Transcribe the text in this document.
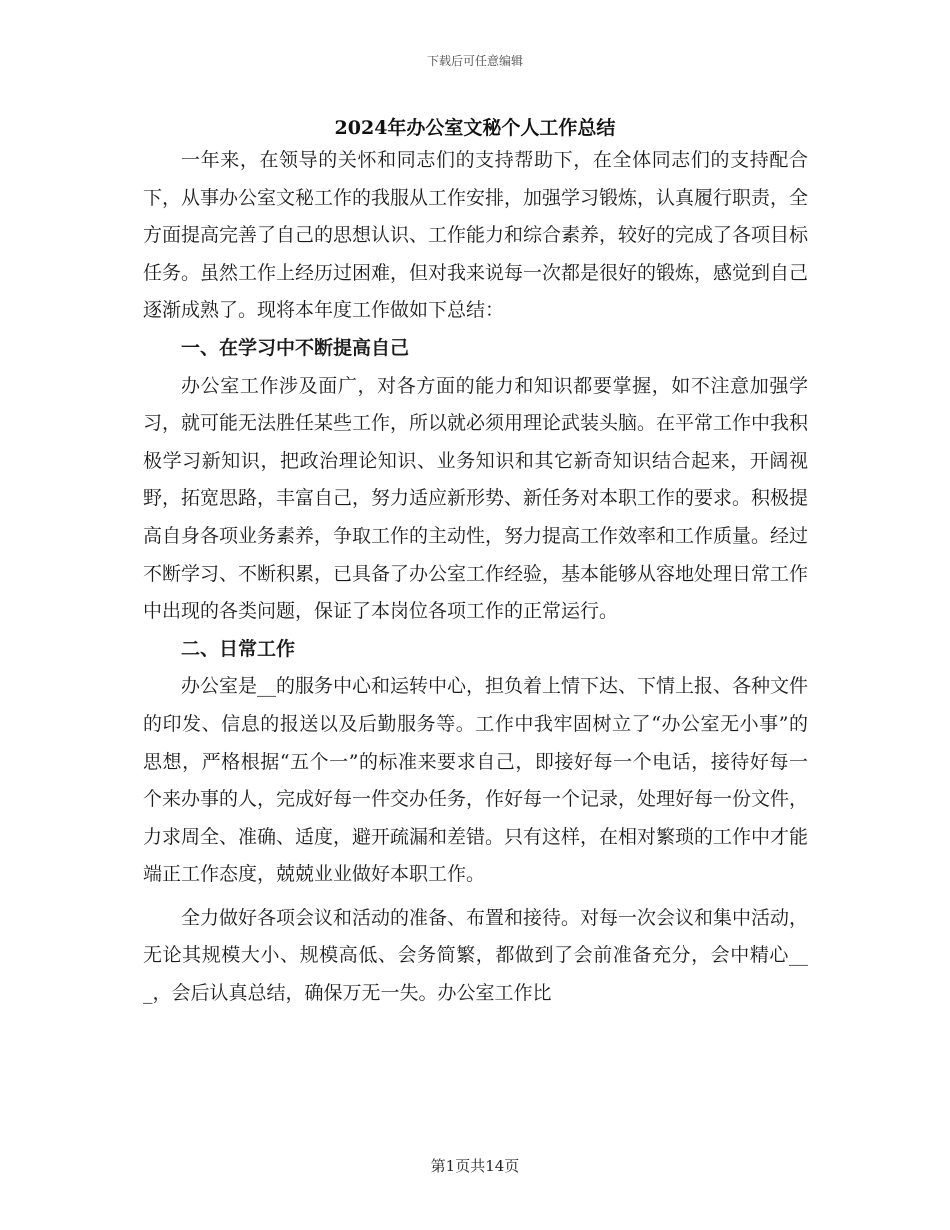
下载后可任意编辑
2024年办公室文秘个人工作总结

一年来，在领导的关怀和同志们的支持帮助下，在全体同志们的支持配合下，从事办公室文秘工作的我服从工作安排，加强学习锻炼，认真履行职责，全方面提高完善了自己的思想认识、工作能力和综合素养，较好的完成了各项目标任务。虽然工作上经历过困难，但对我来说每一次都是很好的锻炼，感觉到自己逐渐成熟了。现将本年度工作做如下总结：

一、在学习中不断提高自己

办公室工作涉及面广，对各方面的能力和知识都要掌握，如不注意加强学习，就可能无法胜任某些工作，所以就必须用理论武装头脑。在平常工作中我积极学习新知识，把政治理论知识、业务知识和其它新奇知识结合起来，开阔视野，拓宽思路，丰富自己，努力适应新形势、新任务对本职工作的要求。积极提高自身各项业务素养，争取工作的主动性，努力提高工作效率和工作质量。经过不断学习、不断积累，已具备了办公室工作经验，基本能够从容地处理日常工作中出现的各类问题，保证了本岗位各项工作的正常运行。

二、日常工作

办公室是__的服务中心和运转中心，担负着上情下达、下情上报、各种文件的印发、信息的报送以及后勤服务等。工作中我牢固树立了“办公室无小事”的思想，严格根据“五个一”的标准来要求自己，即接好每一个电话，接待好每一个来办事的人，完成好每一件交办任务，作好每一个记录，处理好每一份文件，力求周全、准确、适度，避开疏漏和差错。只有这样，在相对繁琐的工作中才能端正工作态度，兢兢业业做好本职工作。

全力做好各项会议和活动的准备、布置和接待。对每一次会议和集中活动，无论其规模大小、规模高低、会务简繁，都做到了会前准备充分，会中精心___，会后认真总结，确保万无一失。办公室工作比

第1页共14页
